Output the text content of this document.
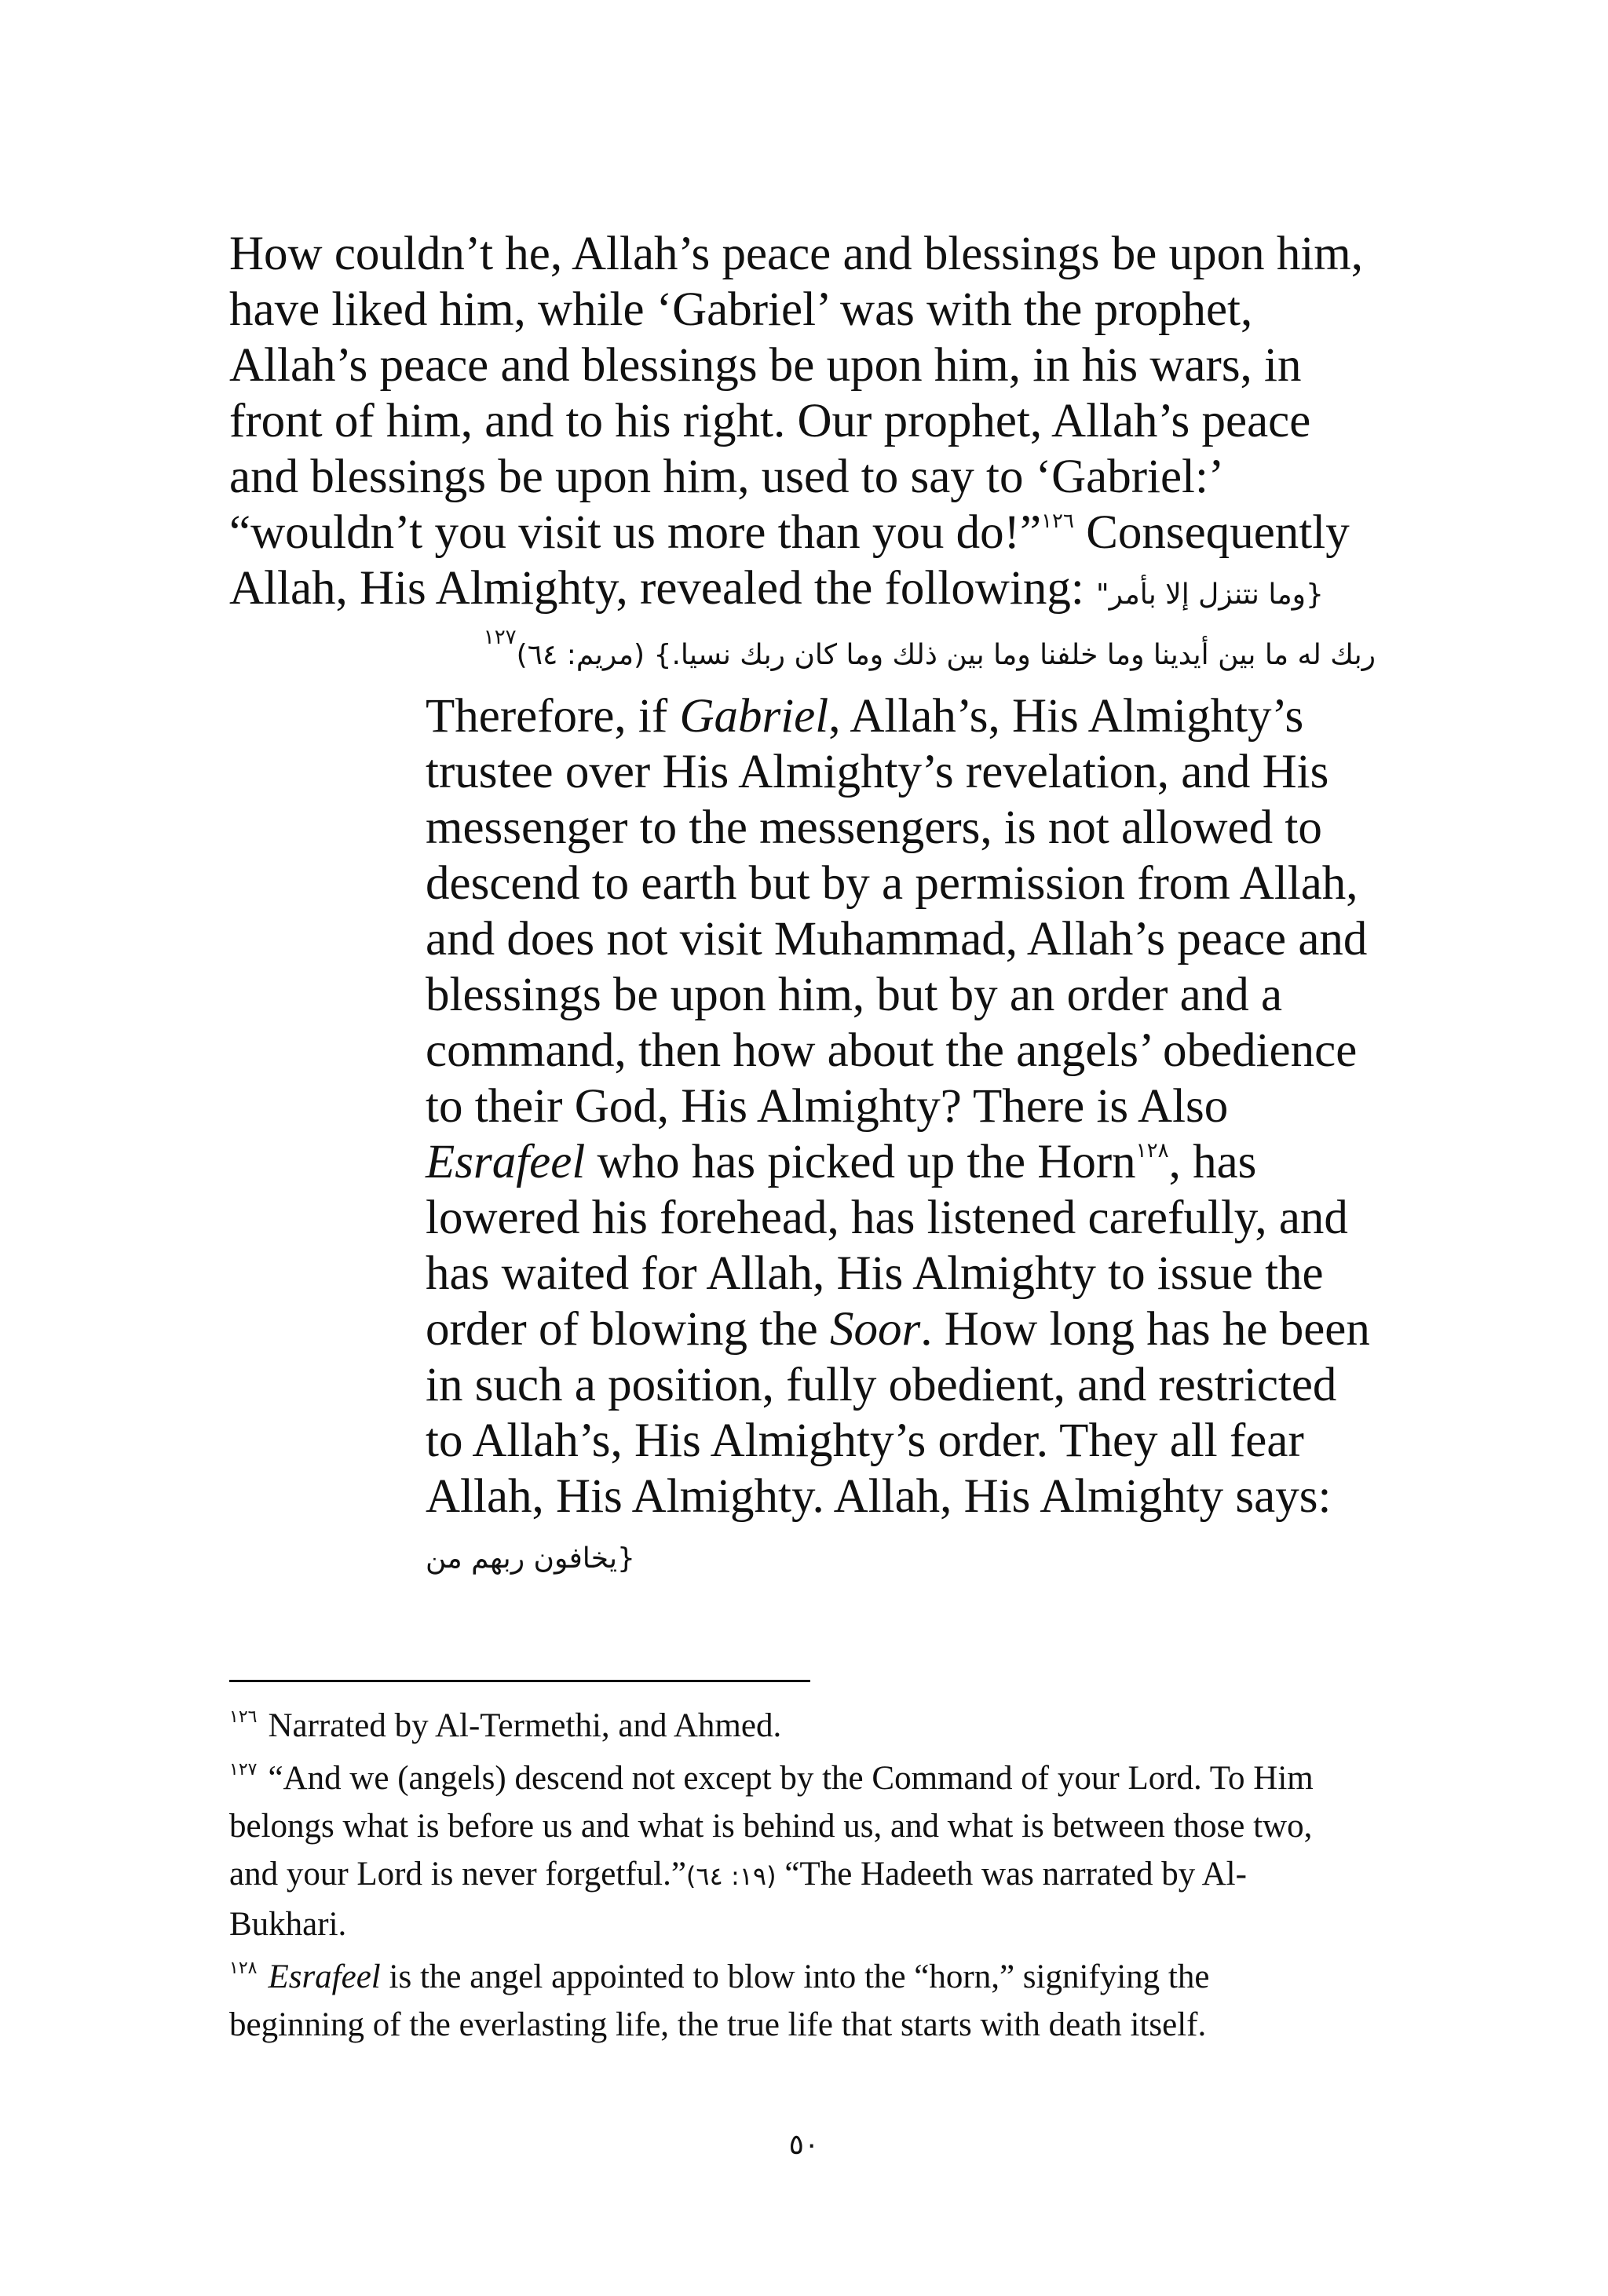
How couldn’t he, Allah’s peace and blessings be upon him, have liked him, while ‘Gabriel’ was with the prophet, Allah’s peace and blessings be upon him, in his wars, in front of him, and to his right. Our prophet, Allah’s peace and blessings be upon him, used to say to ‘Gabriel:’ “wouldn’t you visit us more than you do!”$^{١٢٦}$ Consequently Allah, His Almighty, revealed the following: {وما نتنزل إلا بأمر"

ربك له ما بين أيدينا وما خلفنا وما بين ذلك وما كان ربك نسيا.} (مريم: ٦٤)$^{١٢٧}$

Therefore, if Gabriel, Allah’s, His Almighty’s trustee over His Almighty’s revelation, and His messenger to the messengers, is not allowed to descend to earth but by a permission from Allah, and does not visit Muhammad, Allah’s peace and blessings be upon him, but by an order and a command, then how about the angels’ obedience to their God, His Almighty? There is Also Esrafeel who has picked up the Horn$^{١٢٨}$, has lowered his forehead, has listened carefully, and has waited for Allah, His Almighty to issue the order of blowing the Soor. How long has he been in such a position, fully obedient, and restricted to Allah’s, His Almighty’s order. They all fear Allah, His Almighty. Allah, His Almighty says: {يخافون ربهم من

$^{١٢٦}$ Narrated by Al-Termethi, and Ahmed.

$^{١٢٧}$ “And we (angels) descend not except by the Command of your Lord. To Him belongs what is before us and what is behind us, and what is between those two, and your Lord is never forgetful.”(١٩: ٦٤) “The Hadeeth was narrated by Al-Bukhari.

$^{١٢٨}$ Esrafeel is the angel appointed to blow into the “horn,” signifying the beginning of the everlasting life, the true life that starts with death itself.

٥٠
